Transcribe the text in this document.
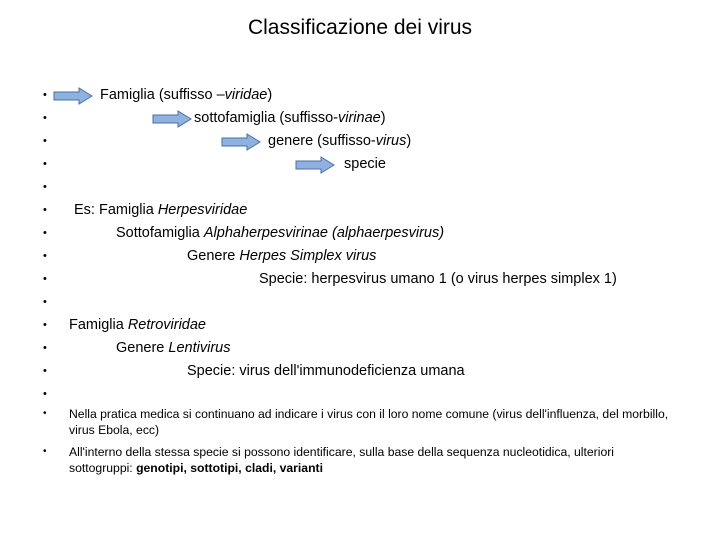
Classificazione dei virus
•	Famiglia (suffisso –viridae)
•	sottofamiglia (suffisso-virinae)
•	genere (suffisso-virus)
•	specie
•
• Es: Famiglia Herpesviridae
•	Sottofamiglia Alphaherpesvirinae (alphaerpesvirus)
•	Genere Herpes Simplex virus
•	Specie: herpesvirus umano 1 (o virus herpes simplex 1)
•
• Famiglia Retroviridae
•	Genere Lentivirus
•	Specie: virus dell'immunodeficienza umana
•
• Nella pratica medica si continuano ad indicare i virus con il loro nome comune (virus dell'influenza, del morbillo, virus Ebola, ecc)
• All'interno della stessa specie si possono identificare, sulla base della sequenza nucleotidica, ulteriori sottogruppi: genotipi, sottotipi, cladi, varianti
